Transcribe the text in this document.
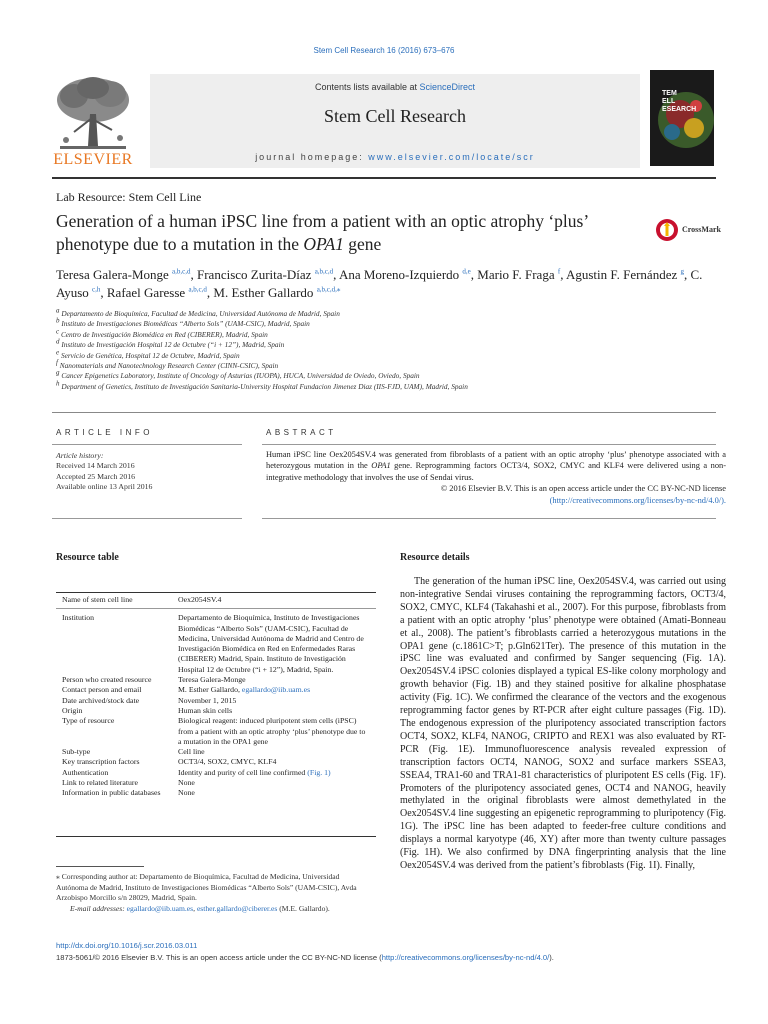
Stem Cell Research 16 (2016) 673–676
Contents lists available at ScienceDirect
Stem Cell Research
journal homepage: www.elsevier.com/locate/scr
ELSEVIER
TEM
ELL
ESEARCH
Lab Resource: Stem Cell Line
Generation of a human iPSC line from a patient with an optic atrophy ‘plus’ phenotype due to a mutation in the OPA1 gene
CrossMark
Teresa Galera-Monge $^{a,b,c,d}$, Francisco Zurita-Díaz $^{a,b,c,d}$, Ana Moreno-Izquierdo $^{d,e}$, Mario F. Fraga $^f$, Agustin F. Fernández $^g$, C. Ayuso $^{c,h}$, Rafael Garesse $^{a,b,c,d}$, M. Esther Gallardo $^{a,b,c,d,⁎}$
$^a$ Departamento de Bioquímica, Facultad de Medicina, Universidad Autónoma de Madrid, Spain
$^b$ Instituto de Investigaciones Biomédicas “Alberto Sols” (UAM-CSIC), Madrid, Spain
$^c$ Centro de Investigación Biomédica en Red (CIBERER), Madrid, Spain
$^d$ Instituto de Investigación Hospital 12 de Octubre (“i + 12”), Madrid, Spain
$^e$ Servicio de Genética, Hospital 12 de Octubre, Madrid, Spain
$^f$ Nanomaterials and Nanotechnology Research Center (CINN-CSIC), Spain
$^g$ Cancer Epigenetics Laboratory, Institute of Oncology of Asturias (IUOPA), HUCA, Universidad de Oviedo, Oviedo, Spain
$^h$ Department of Genetics, Instituto de Investigación Sanitaria-University Hospital Fundacion Jimenez Diaz (IIS-FJD, UAM), Madrid, Spain
ARTICLE INFO	ABSTRACT
Article history:
Received 14 March 2016
Accepted 25 March 2016
Available online 13 April 2016
Human iPSC line Oex2054SV.4 was generated from fibroblasts of a patient with an optic atrophy ‘plus’ phenotype associated with a heterozygous mutation in the OPA1 gene. Reprogramming factors OCT3/4, SOX2, CMYC and KLF4 were delivered using a non-integrative methodology that involves the use of Sendai virus.
© 2016 Elsevier B.V. This is an open access article under the CC BY-NC-ND license
(http://creativecommons.org/licenses/by-nc-nd/4.0/).
Resource table
Name of stem cell line	Oex2054SV.4
Institution	Departamento de Bioquímica, Instituto de Investigaciones Biomédicas “Alberto Sols” (UAM-CSIC), Facultad de Medicina, Universidad Autónoma de Madrid and Centro de Investigación Biomédica en Red en Enfermedades Raras (CIBERER) Madrid, Spain. Instituto de Investigación Hospital 12 de Octubre (“i + 12”), Madrid, Spain.
Person who created resource	Teresa Galera-Monge
Contact person and email	M. Esther Gallardo, egallardo@iib.uam.es
Date archived/stock date	November 1, 2015
Origin	Human skin cells
Type of resource	Biological reagent: induced pluripotent stem cells (iPSC) from a patient with an optic atrophy ‘plus’ phenotype due to a mutation in the OPA1 gene
Sub-type	Cell line
Key transcription factors	OCT3/4, SOX2, CMYC, KLF4
Authentication	Identity and purity of cell line confirmed (Fig. 1)
Link to related literature	None
Information in public databases	None
Resource details
The generation of the human iPSC line, Oex2054SV.4, was carried out using non-integrative Sendai viruses containing the reprogramming factors, OCT3/4, SOX2, CMYC, KLF4 (Takahashi et al., 2007). For this purpose, fibroblasts from a patient with an optic atrophy ‘plus’ phenotype were obtained (Amati-Bonneau et al., 2008). The patient’s fibroblasts carried a heterozygous mutations in the OPA1 gene (c.1861C>T; p.Gln621Ter). The presence of this mutation in the iPSC line was evaluated and confirmed by Sanger sequencing (Fig. 1A). Oex2054SV.4 iPSC colonies displayed a typical ES-like colony morphology and growth behavior (Fig. 1B) and they stained positive for alkaline phosphatase activity (Fig. 1C). We confirmed the clearance of the vectors and the exogenous reprogramming factor genes by RT-PCR after eight culture passages (Fig. 1D). The endogenous expression of the pluripotency associated transcription factors OCT4, SOX2, KLF4, NANOG, CRIPTO and REX1 was also evaluated by RT-PCR (Fig. 1E). Immunofluorescence analysis revealed expression of transcription factors OCT4, NANOG, SOX2 and surface markers SSEA3, SSEA4, TRA1-60 and TRA1-81 characteristics of pluripotent ES cells (Fig. 1F). Promoters of the pluripotency associated genes, OCT4 and NANOG, heavily methylated in the original fibroblasts were almost demethylated in the Oex2054SV.4 line suggesting an epigenetic reprogramming to pluripotency (Fig. 1G). The iPSC line has been adapted to feeder-free culture conditions and displays a normal karyotype (46, XY) after more than twenty culture passages (Fig. 1H). We also confirmed by DNA fingerprinting analysis that the line Oex2054SV.4 was derived from the patient’s fibroblasts (Fig. 1I). Finally,
⁎ Corresponding author at: Departamento de Bioquímica, Facultad de Medicina, Universidad Autónoma de Madrid, Instituto de Investigaciones Biomédicas “Alberto Sols” (UAM-CSIC), Avda Arzobispo Morcillo s/n 28029, Madrid, Spain.
E-mail addresses: egallardo@iib.uam.es, esther.gallardo@ciberer.es (M.E. Gallardo).
http://dx.doi.org/10.1016/j.scr.2016.03.011
1873-5061/© 2016 Elsevier B.V. This is an open access article under the CC BY-NC-ND license (http://creativecommons.org/licenses/by-nc-nd/4.0/).
